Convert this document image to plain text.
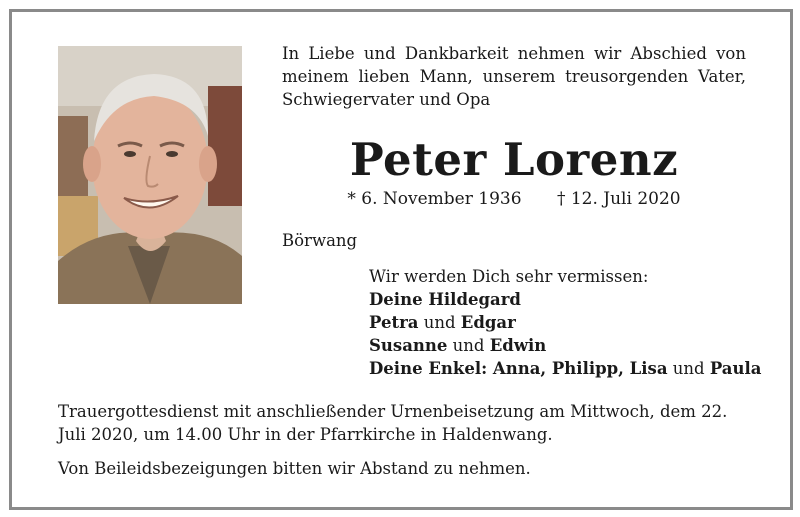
In Liebe und Dankbarkeit nehmen wir Abschied von meinem lieben Mann, unserem treusorgenden Vater, Schwiegervater und Opa
Peter Lorenz
* 6. November 1936 † 12. Juli 2020
Börwang
Wir werden Dich sehr vermissen:
Deine Hildegard
Petra und Edgar
Susanne und Edwin
Deine Enkel: Anna, Philipp, Lisa und Paula
Trauergottesdienst mit anschließender Urnenbeisetzung am Mittwoch, dem 22. Juli 2020, um 14.00 Uhr in der Pfarrkirche in Haldenwang.
Von Beileidsbezeigungen bitten wir Abstand zu nehmen.
